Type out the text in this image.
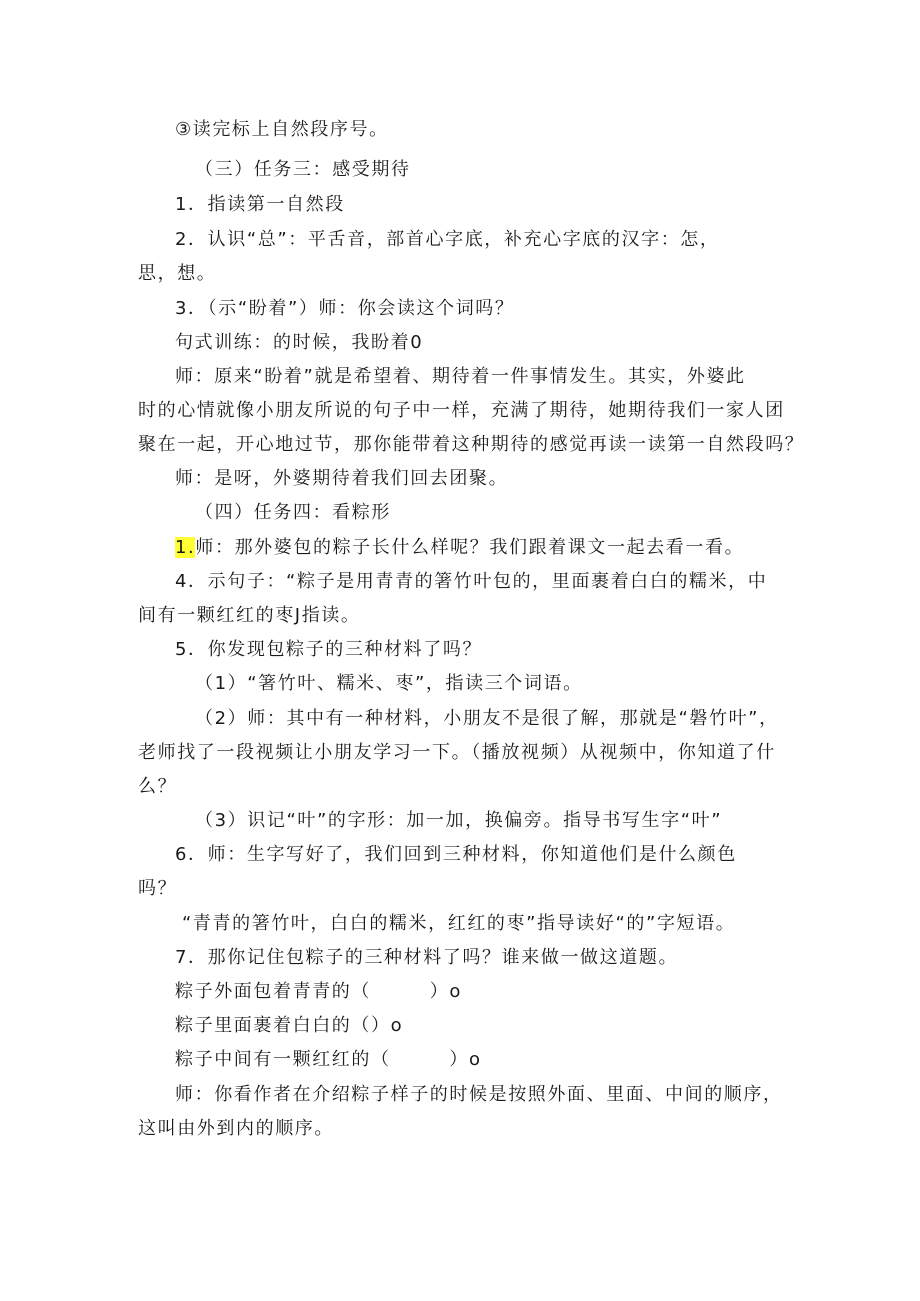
③读完标上自然段序号。
（三）任务三：感受期待
1．指读第一自然段
2．认识“总”：平舌音，部首心字底，补充心字底的汉字：怎，
思，想。
3．（示“盼着”）师：你会读这个词吗？
句式训练：的时候，我盼着0
师：原来“盼着”就是希望着、期待着一件事情发生。其实，外婆此
时的心情就像小朋友所说的句子中一样，充满了期待，她期待我们一家人团
聚在一起，开心地过节，那你能带着这种期待的感觉再读一读第一自然段吗？
师：是呀，外婆期待着我们回去团聚。
（四）任务四：看粽形
1.师：那外婆包的粽子长什么样呢？我们跟着课文一起去看一看。
4．示句子：“粽子是用青青的箸竹叶包的，里面裹着白白的糯米，中
间有一颗红红的枣J指读。
5．你发现包粽子的三种材料了吗？
（1）“箸竹叶、糯米、枣”，指读三个词语。
（2）师：其中有一种材料，小朋友不是很了解，那就是“磐竹叶”，
老师找了一段视频让小朋友学习一下。（播放视频）从视频中，你知道了什
么？
（3）识记“叶”的字形：加一加，换偏旁。指导书写生字“叶”
6．师：生字写好了，我们回到三种材料，你知道他们是什么颜色
吗？
“青青的箸竹叶，白白的糯米，红红的枣”指导读好“的”字短语。
7．那你记住包粽子的三种材料了吗？谁来做一做这道题。
粽子外面包着青青的（　　　）o
粽子里面裹着白白的（）o
粽子中间有一颗红红的（　　　）o
师：你看作者在介绍粽子样子的时候是按照外面、里面、中间的顺序，
这叫由外到内的顺序。
